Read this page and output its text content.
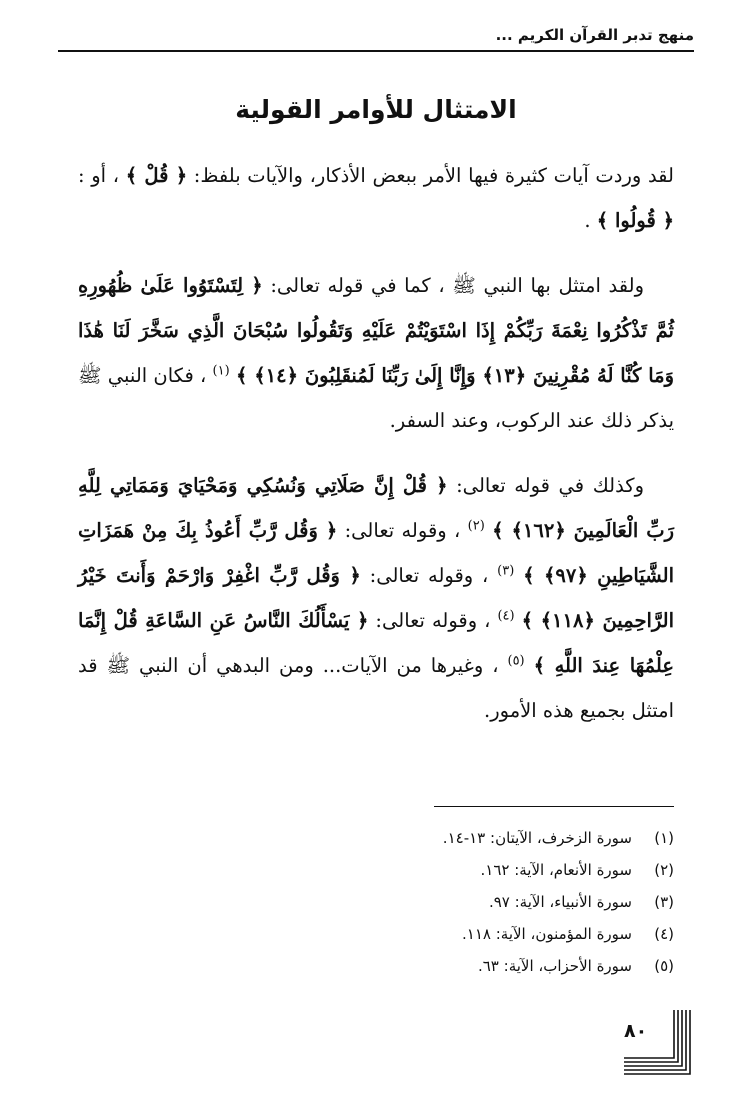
منهج تدبر القرآن الكريم ...
الامتثال للأوامر القولية

لقد وردت آيات كثيرة فيها الأمر ببعض الأذكار، والآيات بلفظ: ﴿ قُلْ ﴾ ، أو : ﴿ قُولُوا ﴾ .

ولقد امتثل بها النبي ﷺ ، كما في قوله تعالى: ﴿ لِتَسْتَوُوا عَلَىٰ ظُهُورِهِ ثُمَّ تَذْكُرُوا نِعْمَةَ رَبِّكُمْ إِذَا اسْتَوَيْتُمْ عَلَيْهِ وَتَقُولُوا سُبْحَانَ الَّذِي سَخَّرَ لَنَا هَٰذَا وَمَا كُنَّا لَهُ مُقْرِنِينَ ﴿١٣﴾ وَإِنَّا إِلَىٰ رَبِّنَا لَمُنقَلِبُونَ ﴿١٤﴾ ﴾ $^{(١)}$ ، فكان النبي ﷺ يذكر ذلك عند الركوب، وعند السفر.

وكذلك في قوله تعالى: ﴿ قُلْ إِنَّ صَلَاتِي وَنُسُكِي وَمَحْيَايَ وَمَمَاتِي لِلَّهِ رَبِّ الْعَالَمِينَ ﴿١٦٢﴾ ﴾ $^{(٢)}$ ، وقوله تعالى: ﴿ وَقُل رَّبِّ أَعُوذُ بِكَ مِنْ هَمَزَاتِ الشَّيَاطِينِ ﴿٩٧﴾ ﴾ $^{(٣)}$ ، وقوله تعالى: ﴿ وَقُل رَّبِّ اغْفِرْ وَارْحَمْ وَأَنتَ خَيْرُ الرَّاحِمِينَ ﴿١١٨﴾ ﴾ $^{(٤)}$ ، وقوله تعالى: ﴿ يَسْأَلُكَ النَّاسُ عَنِ السَّاعَةِ قُلْ إِنَّمَا عِلْمُهَا عِندَ اللَّهِ ﴾ $^{(٥)}$ ، وغيرها من الآيات... ومن البدهي أن النبي ﷺ قد امتثل بجميع هذه الأمور.

(١)سورة الزخرف، الآيتان: ١٣-١٤.
(٢)سورة الأنعام، الآية: ١٦٢.
(٣)سورة الأنبياء، الآية: ٩٧.
(٤)سورة المؤمنون، الآية: ١١٨.
(٥)سورة الأحزاب، الآية: ٦٣.
٨٠
